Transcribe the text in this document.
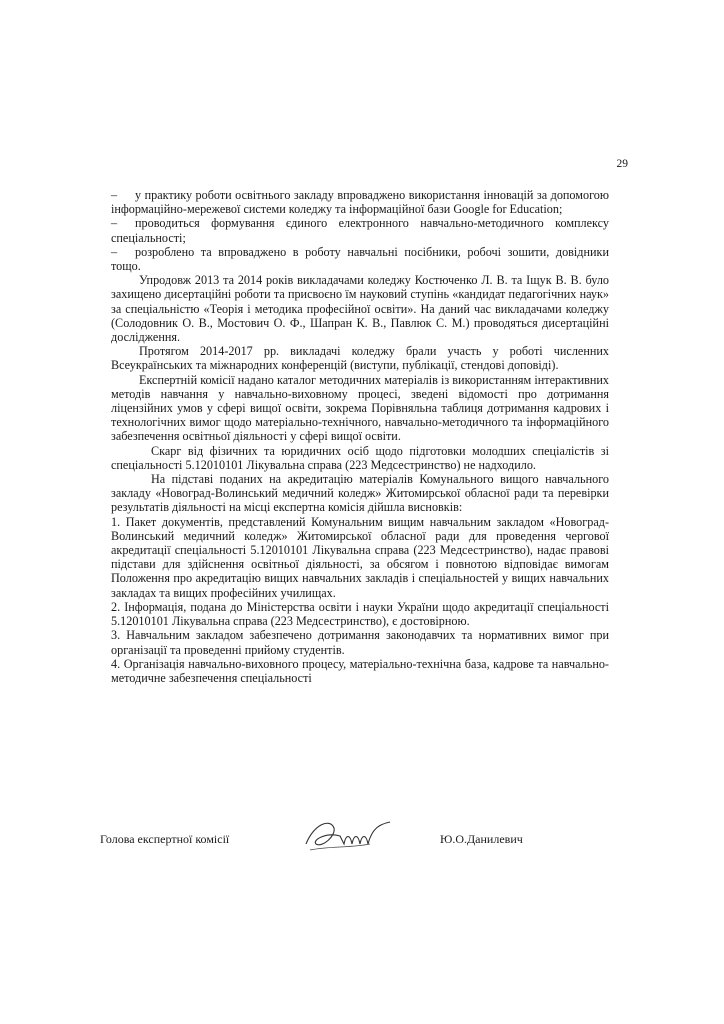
29

– у практику роботи освітнього закладу впроваджено використання інновацій за допомогою інформаційно-мережевої системи коледжу та інформаційної бази Google for Education;

– проводиться формування єдиного електронного навчально-методичного комплексу спеціальності;

– розроблено та впроваджено в роботу навчальні посібники, робочі зошити, довідники тощо.

Упродовж 2013 та 2014 років викладачами коледжу Костюченко Л. В. та Іщук В. В. було захищено дисертаційні роботи та присвоєно їм науковий ступінь «кандидат педагогічних наук» за спеціальністю «Теорія і методика професійної освіти». На даний час викладачами коледжу (Солодовник О. В., Мостович О. Ф., Шапран К. В., Павлюк С. М.) проводяться дисертаційні дослідження.

Протягом 2014-2017 рр. викладачі коледжу брали участь у роботі численних Всеукраїнських та міжнародних конференцій (виступи, публікації, стендові доповіді).

Експертній комісії надано каталог методичних матеріалів із використанням інтерактивних методів навчання у навчально-виховному процесі, зведені відомості про дотримання ліцензійних умов у сфері вищої освіти, зокрема Порівняльна таблиця дотримання кадрових і технологічних вимог щодо матеріально-технічного, навчально-методичного та інформаційного забезпечення освітньої діяльності у сфері вищої освіти.

Скарг від фізичних та юридичних осіб щодо підготовки молодших спеціалістів зі спеціальності 5.12010101 Лікувальна справа (223 Медсестринство) не надходило.

На підставі поданих на акредитацію матеріалів Комунального вищого навчального закладу «Новоград-Волинський медичний коледж» Житомирської обласної ради та перевірки результатів діяльності на місці експертна комісія дійшла висновків:

1. Пакет документів, представлений Комунальним вищим навчальним закладом «Новоград-Волинський медичний коледж» Житомирської обласної ради для проведення чергової акредитації спеціальності 5.12010101 Лікувальна справа (223 Медсестринство), надає правові підстави для здійснення освітньої діяльності, за обсягом і повнотою відповідає вимогам Положення про акредитацію вищих навчальних закладів і спеціальностей у вищих навчальних закладах та вищих професійних училищах.

2. Інформація, подана до Міністерства освіти і науки України щодо акредитації спеціальності 5.12010101 Лікувальна справа (223 Медсестринство), є достовірною.

3. Навчальним закладом забезпечено дотримання законодавчих та нормативних вимог при організації та проведенні прийому студентів.

4. Організація навчально-виховного процесу, матеріально-технічна база, кадрове та навчально-методичне забезпечення спеціальності

Голова експертної комісії	Ю.О.Данилевич
